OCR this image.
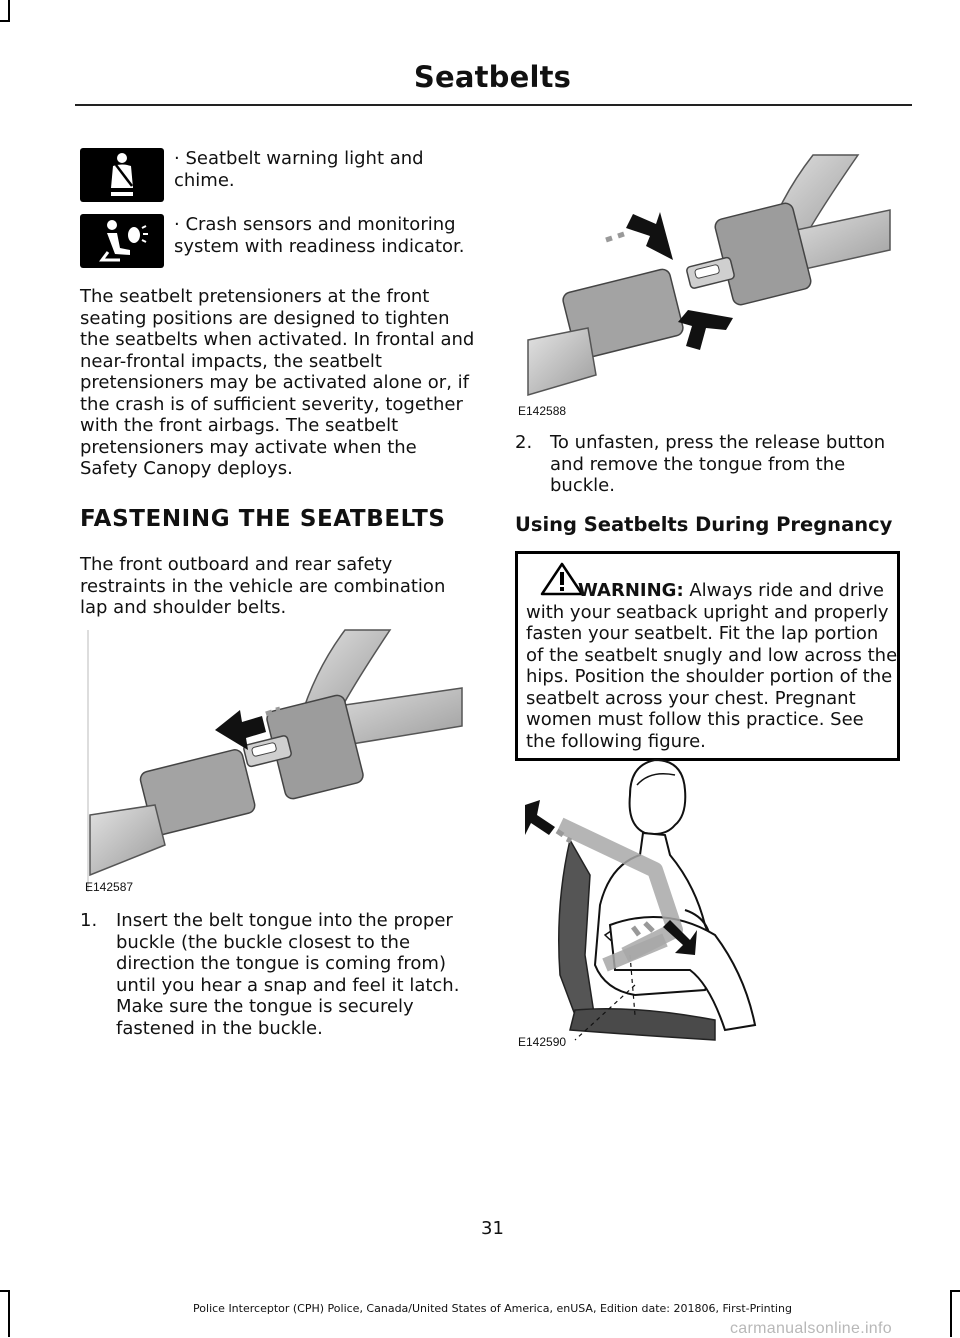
Seatbelts

· Seatbelt warning light and chime.

· Crash sensors and monitoring system with readiness indicator.

The seatbelt pretensioners at the front seating positions are designed to tighten the seatbelts when activated. In frontal and near-frontal impacts, the seatbelt pretensioners may be activated alone or, if the crash is of sufficient severity, together with the front airbags. The seatbelt pretensioners may activate when the Safety Canopy deploys.

FASTENING THE SEATBELTS

The front outboard and rear safety restraints in the vehicle are combination lap and shoulder belts.

E142587
1. Insert the belt tongue into the proper buckle (the buckle closest to the direction the tongue is coming from) until you hear a snap and feel it latch. Make sure the tongue is securely fastened in the buckle.

E142588
2. To unfasten, press the release button and remove the tongue from the buckle.

Using Seatbelts During Pregnancy
WARNING: Always ride and drive with your seatback upright and properly fasten your seatbelt. Fit the lap portion of the seatbelt snugly and low across the hips. Position the shoulder portion of the seatbelt across your chest. Pregnant women must follow this practice. See the following figure.
E142590
31
Police Interceptor (CPH) Police, Canada/United States of America, enUSA, Edition date: 201806, First-Printing
carmanualsonline.info
